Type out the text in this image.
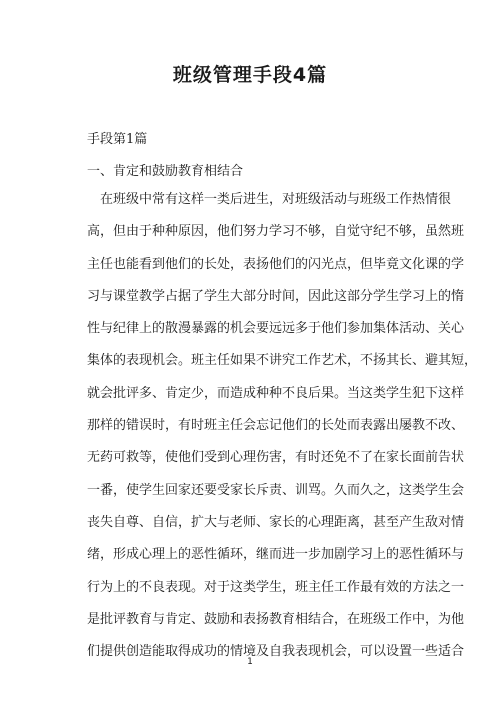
班级管理手段4篇
手段第1篇
一、肯定和鼓励教育相结合
在班级中常有这样一类后进生，对班级活动与班级工作热情很
高，但由于种种原因，他们努力学习不够，自觉守纪不够，虽然班
主任也能看到他们的长处，表扬他们的闪光点，但毕竟文化课的学
习与课堂教学占据了学生大部分时间，因此这部分学生学习上的惰
性与纪律上的散漫暴露的机会要远远多于他们参加集体活动、关心
集体的表现机会。班主任如果不讲究工作艺术，不扬其长、避其短，
就会批评多、肯定少，而造成种种不良后果。当这类学生犯下这样
那样的错误时，有时班主任会忘记他们的长处而表露出屡教不改、
无药可救等，使他们受到心理伤害，有时还免不了在家长面前告状
一番，使学生回家还要受家长斥责、训骂。久而久之，这类学生会
丧失自尊、自信，扩大与老师、家长的心理距离，甚至产生敌对情
绪，形成心理上的恶性循环，继而进一步加剧学习上的恶性循环与
行为上的不良表现。对于这类学生，班主任工作最有效的方法之一
是批评教育与肯定、鼓励和表扬教育相结合，在班级工作中，为他
们提供创造能取得成功的情境及自我表现机会，可以设置一些适合
1
